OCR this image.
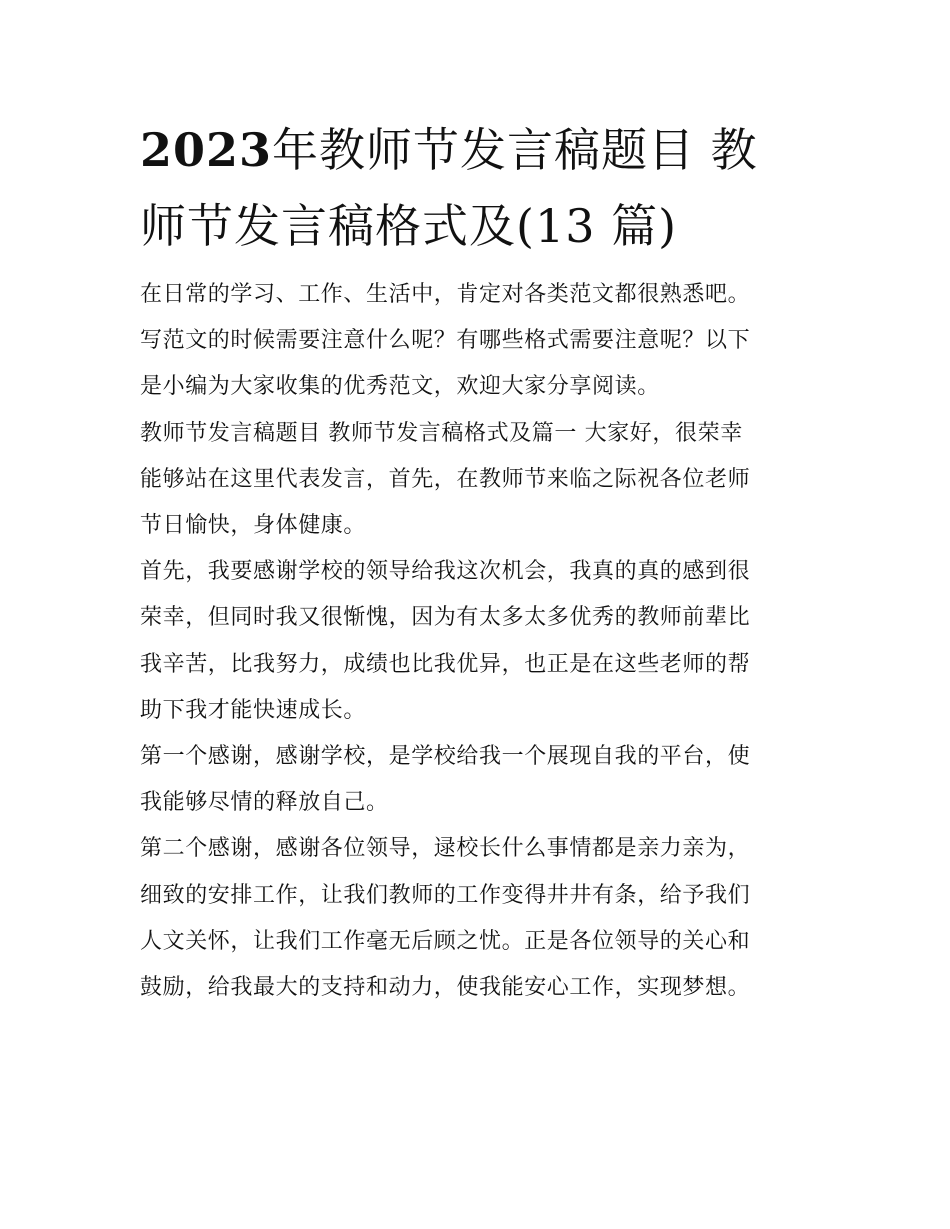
2023年教师节发言稿题目 教
师节发言稿格式及(13 篇)

在日常的学习、工作、生活中，肯定对各类范文都很熟悉吧。
写范文的时候需要注意什么呢？有哪些格式需要注意呢？以下
是小编为大家收集的优秀范文，欢迎大家分享阅读。

教师节发言稿题目 教师节发言稿格式及篇一 大家好，很荣幸
能够站在这里代表发言，首先，在教师节来临之际祝各位老师
节日愉快，身体健康。

首先，我要感谢学校的领导给我这次机会，我真的真的感到很
荣幸，但同时我又很惭愧，因为有太多太多优秀的教师前辈比
我辛苦，比我努力，成绩也比我优异，也正是在这些老师的帮
助下我才能快速成长。

第一个感谢，感谢学校，是学校给我一个展现自我的平台，使
我能够尽情的释放自己。

第二个感谢，感谢各位领导，逯校长什么事情都是亲力亲为，
细致的安排工作，让我们教师的工作变得井井有条，给予我们
人文关怀，让我们工作毫无后顾之忧。正是各位领导的关心和
鼓励，给我最大的支持和动力，使我能安心工作，实现梦想。
